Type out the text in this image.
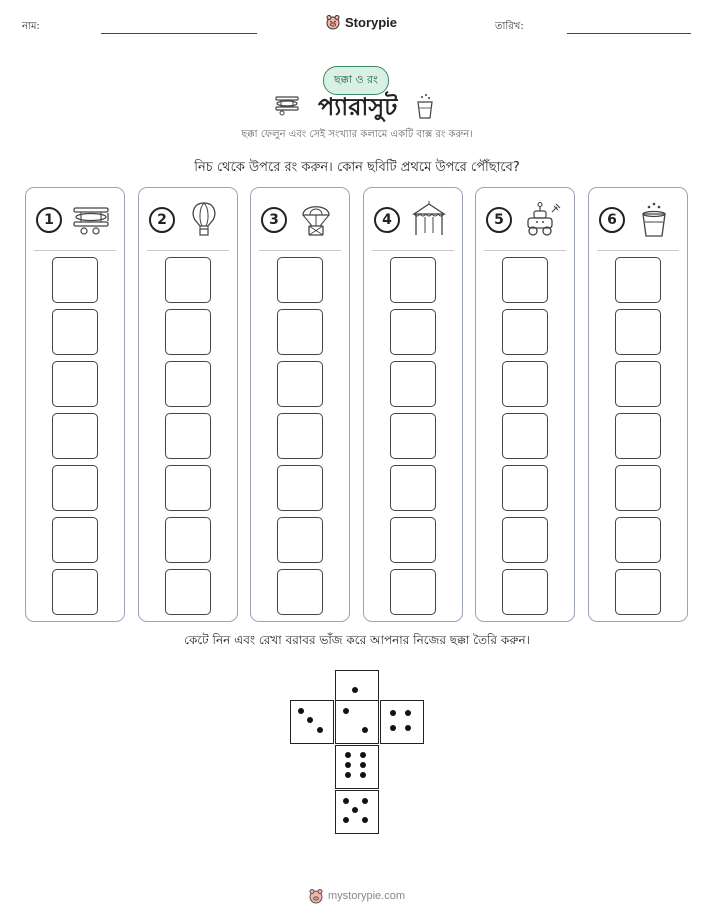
নাম:	Storypie	তারিখ:
ছক্কা ও রং
প্যারাসুট
ছক্কা ফেলুন এবং সেই সংখ্যার কলামে একটি বাক্স রং করুন।
নিচ থেকে উপরে রং করুন। কোন ছবিটি প্রথমে উপরে পৌঁছাবে?
1	2	3	4	5	6
কেটে নিন এবং রেখা বরাবর ভাঁজ করে আপনার নিজের ছক্কা তৈরি করুন।
mystorypie.com
